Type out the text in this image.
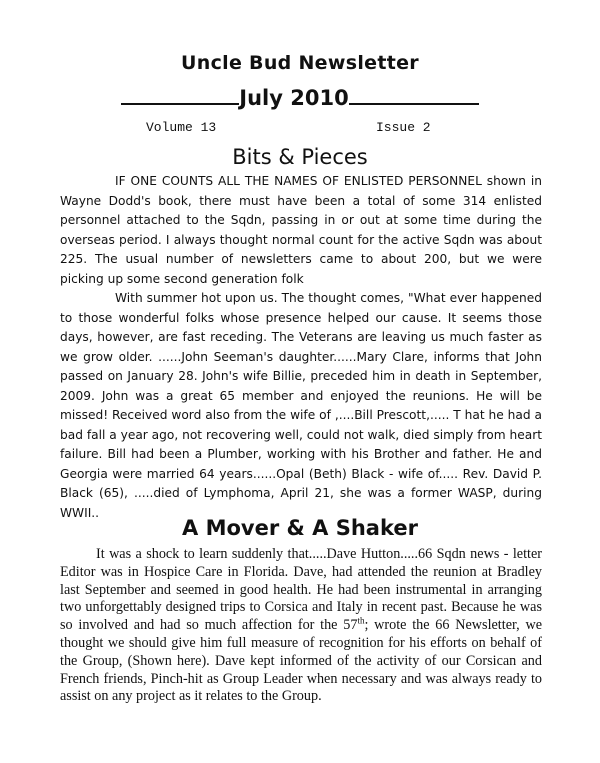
Uncle Bud Newsletter
July 2010
Volume 13	Issue 2
Bits & Pieces

IF ONE COUNTS ALL THE NAMES OF ENLISTED PERSONNEL shown in Wayne Dodd's book, there must have been a total of some 314 enlisted personnel attached to the Sqdn, passing in or out at some time during the overseas period. I always thought normal count for the active Sqdn was about 225. The usual number of newsletters came to about 200, but we were picking up some second generation folk

With summer hot upon us. The thought comes, "What ever happened to those wonderful folks whose presence helped our cause. It seems those days, however, are fast receding. The Veterans are leaving us much faster as we grow older. ......John Seeman's daughter......Mary Clare, informs that John passed on January 28. John's wife Billie, preceded him in death in September, 2009. John was a great 65 member and enjoyed the reunions. He will be missed! Received word also from the wife of ,....Bill Prescott,..... T hat he had a bad fall a year ago, not recovering well, could not walk, died simply from heart failure. Bill had been a Plumber, working with his Brother and father. He and Georgia were married 64 years......Opal (Beth) Black - wife of..... Rev. David P. Black (65), .....died of Lymphoma, April 21, she was a former WASP, during WWII..

A Mover & A Shaker

It was a shock to learn suddenly that.....Dave Hutton.....66 Sqdn news - letter Editor was in Hospice Care in Florida. Dave, had attended the reunion at Bradley last September and seemed in good health. He had been instrumental in arranging two unforgettably designed trips to Corsica and Italy in recent past. Because he was so involved and had so much affection for the 57th; wrote the 66 Newsletter, we thought we should give him full measure of recognition for his efforts on behalf of the Group, (Shown here). Dave kept informed of the activity of our Corsican and French friends, Pinch-hit as Group Leader when necessary and was always ready to assist on any project as it relates to the Group.
